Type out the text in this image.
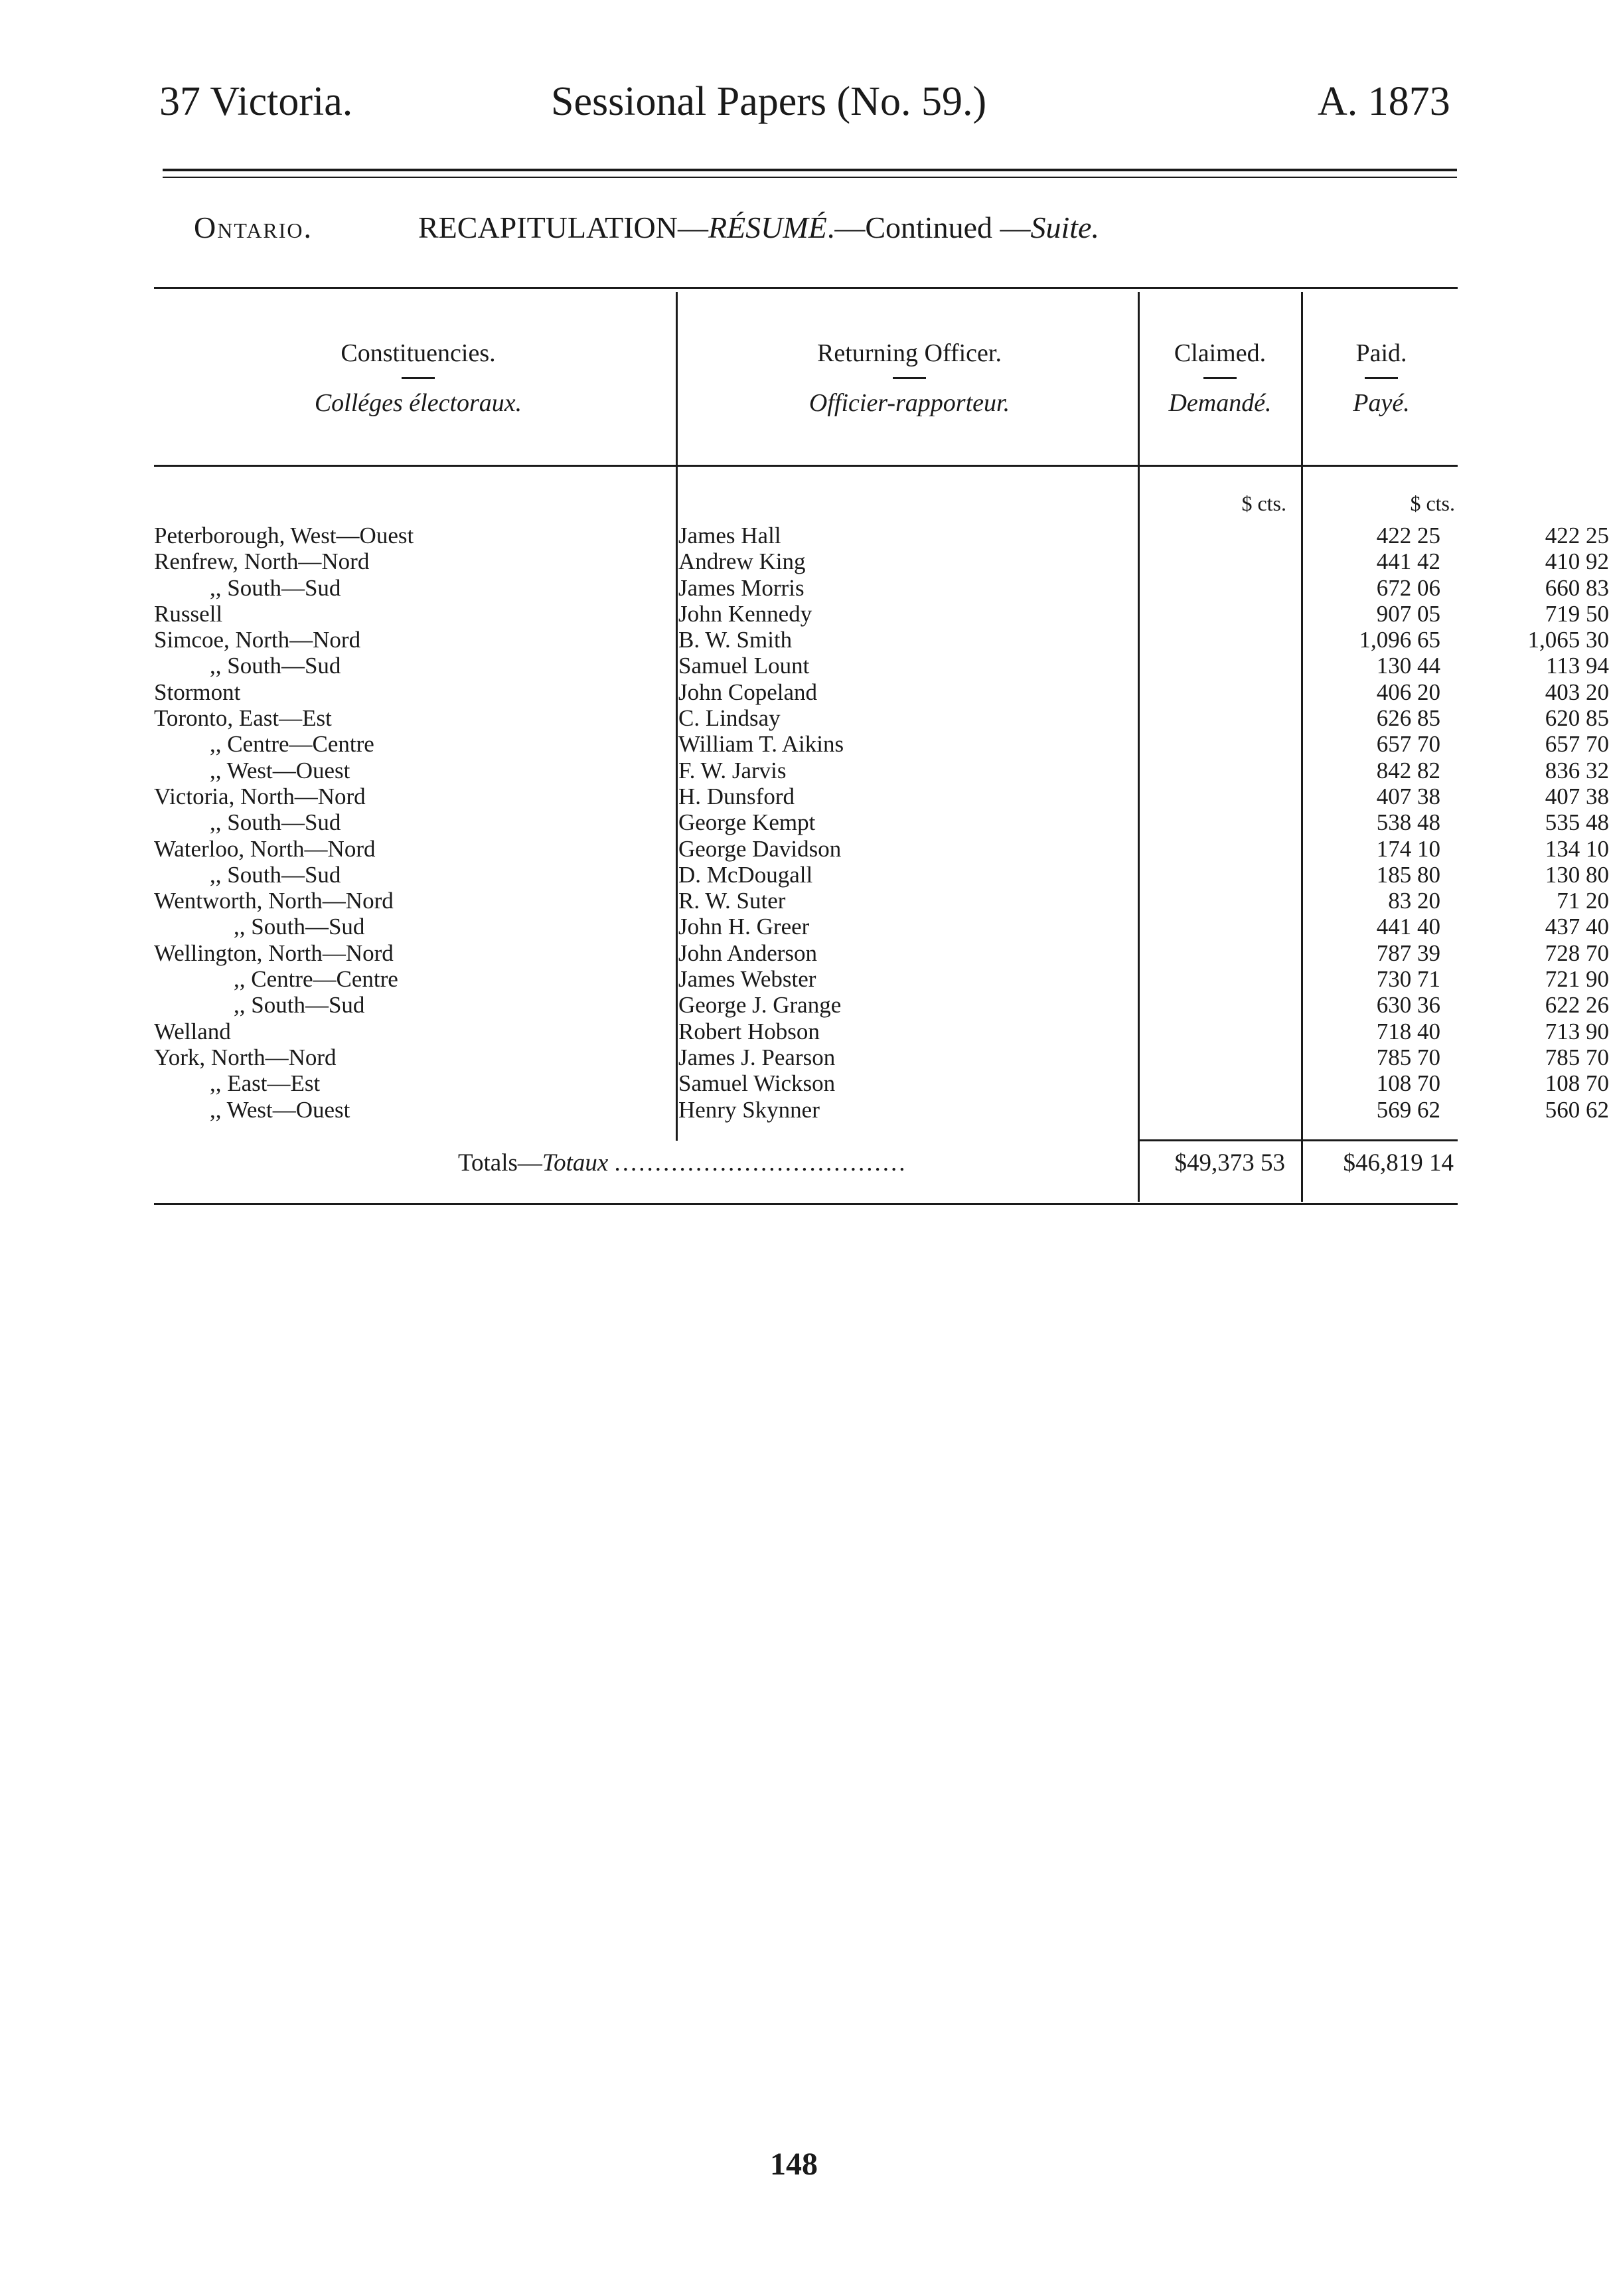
37 Victoria.	Sessional Papers (No. 59.)	A. 1873
Ontario.	RECAPITULATION—RÉSUMÉ.—Continued —Suite.
Constituencies.
Colléges électoraux.
Returning Officer.
Officier-rapporteur.
Claimed.
Demandé.
Paid.
Payé.
$ cts.	$ cts.
Peterborough, West—Ouest	James Hall	422 25	422 25
Renfrew, North—Nord	Andrew King	441 42	410 92
,, South—Sud	James Morris	672 06	660 83
Russell	John Kennedy	907 05	719 50
Simcoe, North—Nord	B. W. Smith	1,096 65	1,065 30
,, South—Sud	Samuel Lount	130 44	113 94
Stormont	John Copeland	406 20	403 20
Toronto, East—Est	C. Lindsay	626 85	620 85
,, Centre—Centre	William T. Aikins	657 70	657 70
,, West—Ouest	F. W. Jarvis	842 82	836 32
Victoria, North—Nord	H. Dunsford	407 38	407 38
,, South—Sud	George Kempt	538 48	535 48
Waterloo, North—Nord	George Davidson	174 10	134 10
,, South—Sud	D. McDougall	185 80	130 80
Wentworth, North—Nord	R. W. Suter	83 20	71 20
,, South—Sud	John H. Greer	441 40	437 40
Wellington, North—Nord	John Anderson	787 39	728 70
,, Centre—Centre	James Webster	730 71	721 90
,, South—Sud	George J. Grange	630 36	622 26
Welland	Robert Hobson	718 40	713 90
York, North—Nord	James J. Pearson	785 70	785 70
,, East—Est	Samuel Wickson	108 70	108 70
,, West—Ouest	Henry Skynner	569 62	560 62
Totals—Totaux ....................................	$49,373 53	$46,819 14
148
